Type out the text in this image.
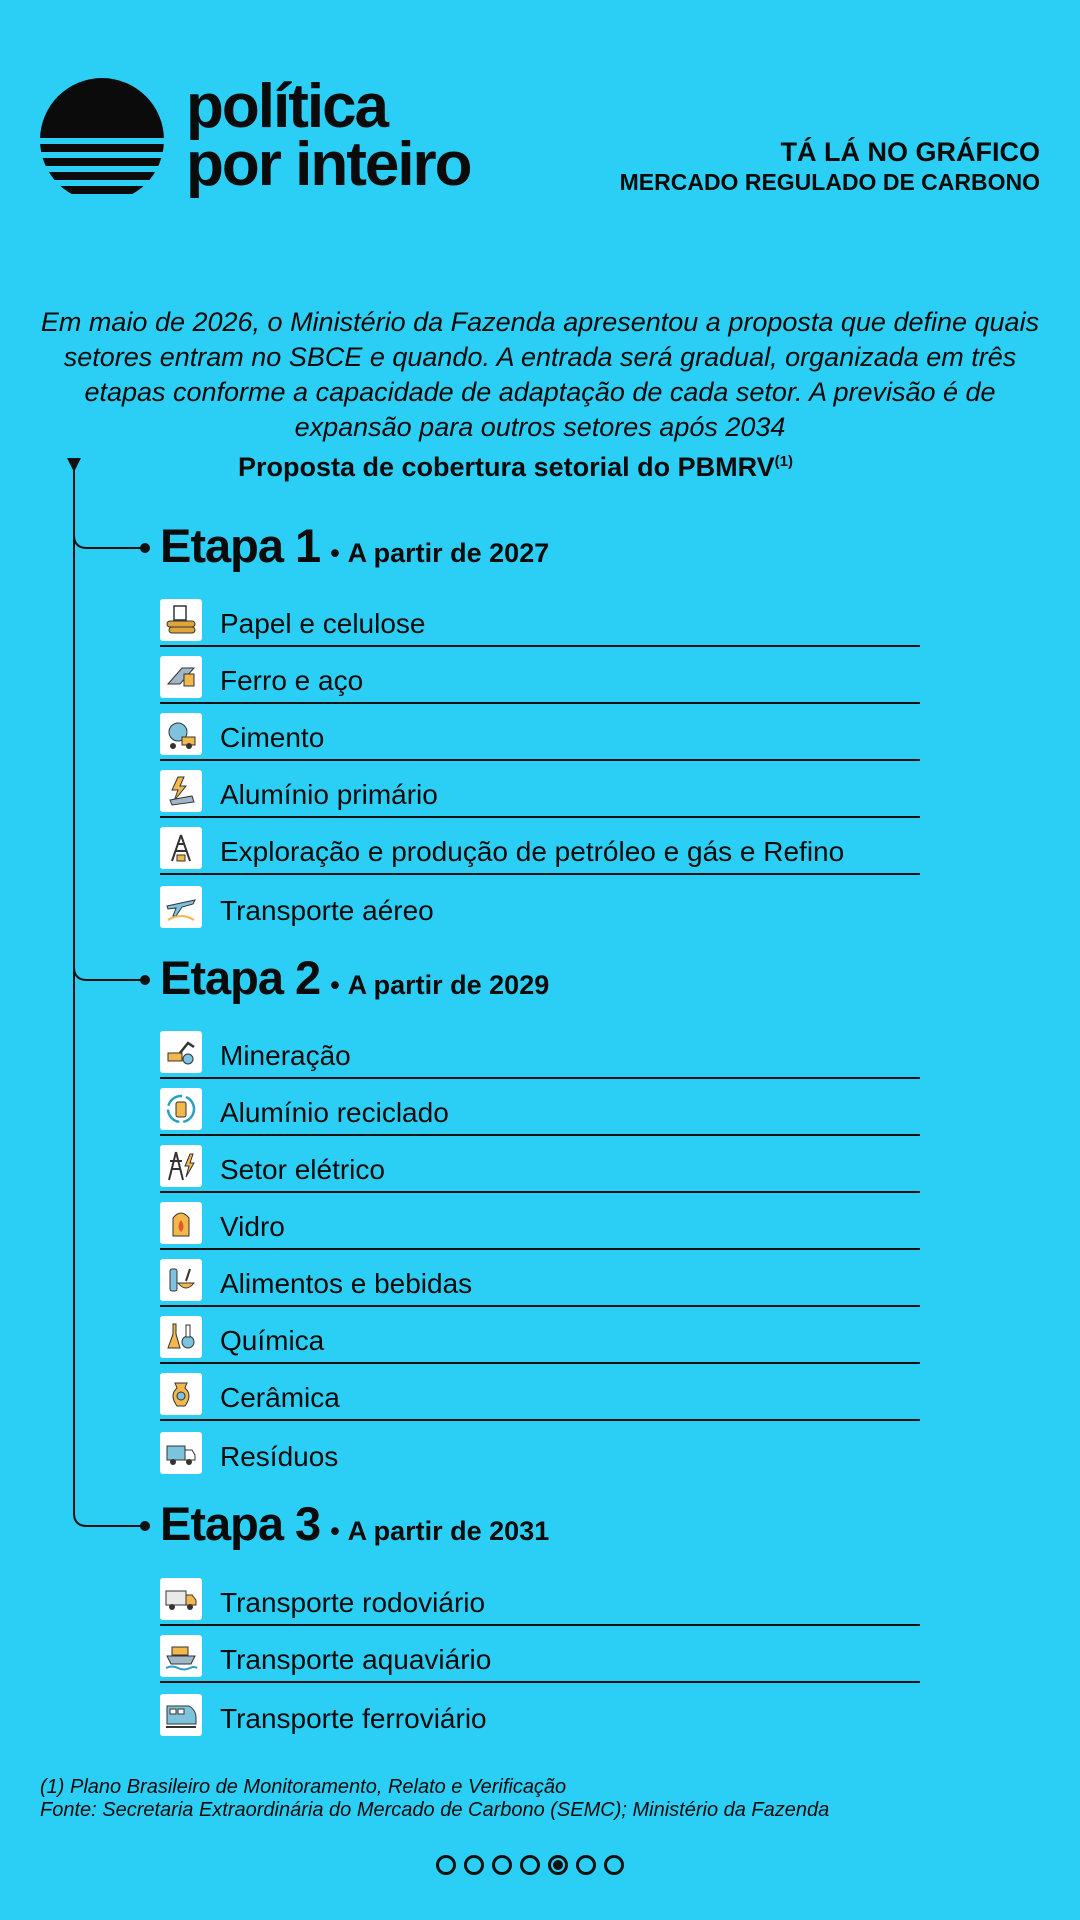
política
por inteiro	TÁ LÁ NO GRÁFICO
MERCADO REGULADO DE CARBONO

Em maio de 2026, o Ministério da Fazenda apresentou a proposta que define quais setores entram no SBCE e quando. A entrada será gradual, organizada em três etapas conforme a capacidade de adaptação de cada setor. A previsão é de expansão para outros setores após 2034

Proposta de cobertura setorial do PBMRV$^{(1)}$
Etapa 1	• A partir de 2027
Papel e celulose
Ferro e aço
Cimento
Alumínio primário
Exploração e produção de petróleo e gás e Refino
Transporte aéreo
Etapa 2	• A partir de 2029
Mineração
Alumínio reciclado
Setor elétrico
Vidro
Alimentos e bebidas
Química
Cerâmica
Resíduos
Etapa 3	• A partir de 2031
Transporte rodoviário
Transporte aquaviário
Transporte ferroviário
(1) Plano Brasileiro de Monitoramento, Relato e Verificação
Fonte: Secretaria Extraordinária do Mercado de Carbono (SEMC); Ministério da Fazenda
